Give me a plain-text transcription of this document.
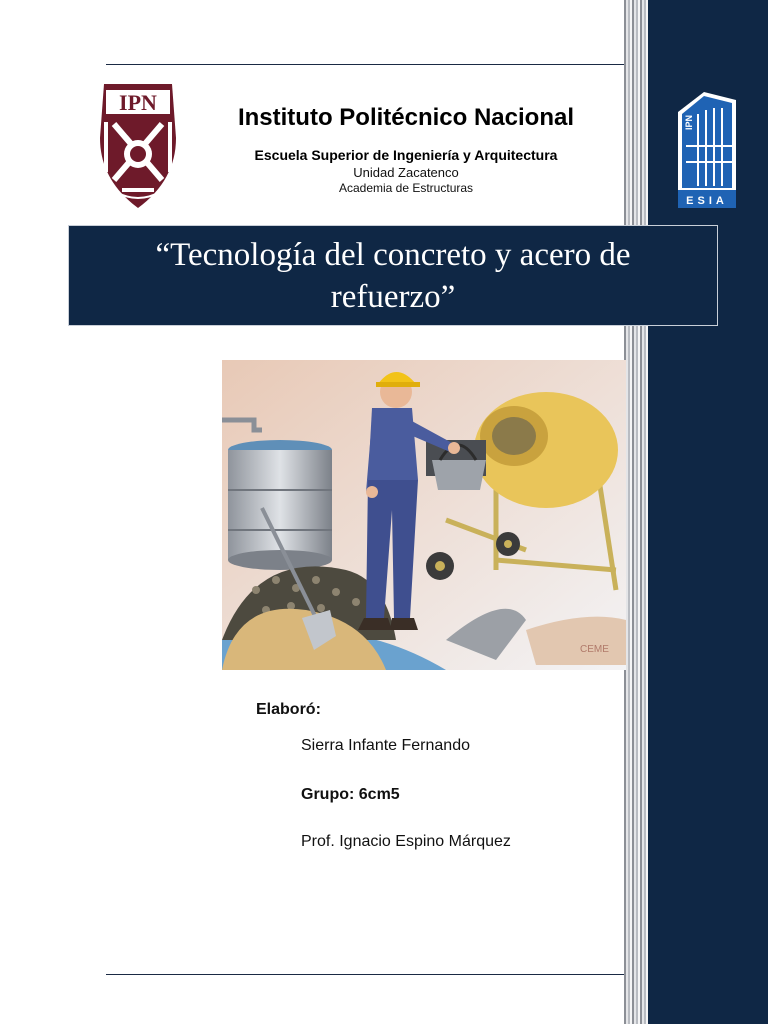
IPN
IPN
ESIA
Instituto Politécnico Nacional
Escuela Superior de Ingeniería y Arquitectura
Unidad Zacatenco
Academia de Estructuras
“Tecnología del concreto y acero de refuerzo”
CEME
Elaboró:
Sierra Infante Fernando
Grupo: 6cm5
Prof. Ignacio Espino Márquez
